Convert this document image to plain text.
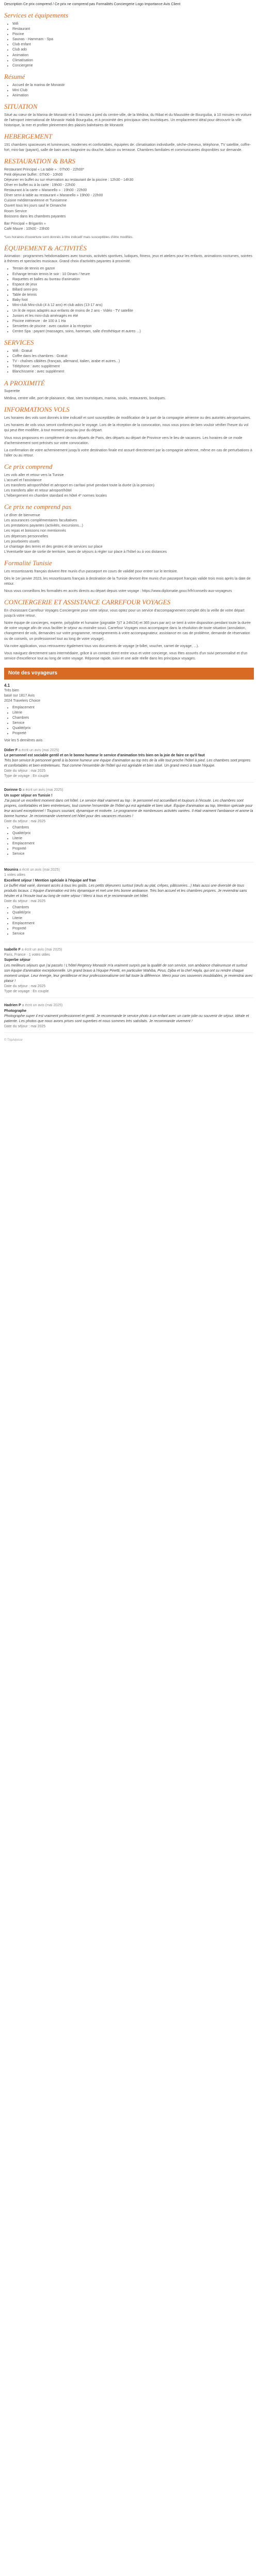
Description Ce prix comprend / Ce prix ne comprend pas Formalités Conciergerie Logo Importance Avis Client
Services et équipements
• Wifi
• Restaurant
• Piscine
• Saunas - Hammam - Spa
• Club enfant
• Club ado
• Animation
• Climatisation
• Conciergerie
Résumé
• Accueil de la marina de Monastir
• Mini Club
• Animation
SITUATION

Situé au cœur de la Marina de Monastir et à 5 minutes à pied du centre-ville, de la Médina, du Ribat et du Mausolée de Bourguiba, à 10 minutes en voiture de l'aéroport international de Monastir Habib Bourguiba, et à proximité des principaux sites touristiques. Un emplacement idéal pour découvrir la ville historique, la mer et profiter pleinement des plaisirs balnéaires de Monastir.

HEBERGEMENT

191 chambres spacieuses et lumineuses, modernes et confortables, équipées de: climatisation individuelle, sèche-cheveux, téléphone, TV satellite, coffre-fort, mini-bar (payant), salle de bain avec baignoire ou douche, balcon ou terrasse. Chambres familiales et communicantes disponibles sur demande.

RESTAURATION & BARS
Restaurant Principal « La table » : 07h00 - 22h00*
Petit déjeuner buffet : 07h00 - 10h00
Déjeuner en buffet ou sur réservation au restaurant de la piscine : 12h30 - 14h30
Dîner en buffet ou à la carte : 19h00 - 22h00
Restaurant à la carte « Maranello » : 19h00 - 22h00
Dîner servi à table au restaurant « Maranello » 19h00 - 22h00
Cuisine méditerranéenne et Tunisienne
Ouvert tous les jours sauf le Dimanche
Room Service
Boissons dans les chambres payantes

Bar Principal « Brigantin »
Café Maure : 10h00 - 23h00

*Les horaires d'ouverture sont donnés à titre indicatif mais susceptibles d'être modifiés.

ÉQUIPEMENT & ACTIVITÉS

Animation : programmes hebdomadaires avec tournois, activités sportives, ludiques, fitness, jeux et ateliers pour les enfants, animations nocturnes, soirées à thèmes et spectacles musicaux. Grand choix d'activités payantes à proximité.

• Terrain de tennis en gazon
• Echange terrain tennis le soir : 10 Dinars / heure
• Raquettes et balles au bureau d'animation
• Espace de jeux
• Billard semi-pro
• Table de tennis
• Baby foot
• Mini-club Mini-club (4 à 12 ans) et club ados (13-17 ans)
• Un lit de repos adaptés aux enfants de moins de 2 ans - Vidéo - TV satellite
• Juniors et les mini-club aménagés en été
• Piscine intérieure : de 100 à 1 Ha
• Serviettes de piscine : avec caution à la réception
• Centre Spa : payant (massages, soins, hammam, salle d'esthétique et autres ...)
SERVICES
• Wifi : Gratuit
• Coffre dans les chambres : Gratuit
• TV - chaînes câblées (français, allemand, italien, arabe et autres...)
• Téléphone : avec supplément
• Blanchisserie : avec supplément
A PROXIMITÉ

Superette

Médina, centre ville, port de plaisance, ribat, sites touristiques, marina, souks, restaurants, boutiques.

INFORMATIONS VOLS

Les horaires des vols sont donnés à titre indicatif et sont susceptibles de modification de la part de la compagnie aérienne ou des autorités aéroportuaires.

Les horaires de vols vous seront confirmés pour le voyage. Lors de la réception de la convocation, nous vous prions de bien vouloir vérifier l'heure du vol qui peut être modifiée, à tout moment jusqu'au jour du départ.

Vous nous proposons en complément de nos départs de Paris, des départs au départ de Province vers le lieu de vacances. Les horaires de ce mode d'acheminement sont précisés sur votre convocation.

La confirmation de votre acheminement jusqu'à votre destination finale est assuré directement par la compagnie aérienne, même en cas de perturbations à l'aller ou au retour.

Ce prix comprend
Les vols aller et retour vers la Tunisie
L'accueil et l'assistance
Les transferts aéroport/hôtel et aéroport en car/taxi privé pendant toute la durée (à la pension)
Les transferts aller et retour aéroport/hôtel
L'hébergement en chambre standard en hôtel 4* normes locales
Ce prix ne comprend pas
Le dîner de bienvenue
Les assurances complémentaires facultatives
Les prestations payantes (activités, excursions...)
Les repas et boissons non mentionnés
Les dépenses personnelles
Les pourboires usuels
Le chantage des terres et des gestes et de services sur place
L'éventuelle taxe de sortie de territoire, taxes de séjours à régler sur place à l'hôtel ou à vos distances
Formalité Tunisie

Les ressortissants français doivent être munis d'un passeport en cours de validité pour entrer sur le territoire.

Dès le 1er janvier 2023, les ressortissants français à destination de la Tunisie devront être munis d'un passeport français valide trois mois après la date de retour.

Nous vous conseillons les formalités en accès directs au départ depuis votre voyage : https://www.diplomatie.gouv.fr/fr/conseils-aux-voyageurs

CONCIERGERIE ET ASSISTANCE CARREFOUR VOYAGES

En choisissant Carrefour Voyages Conciergerie pour votre séjour, vous optez pour un service d'accompagnement complet dès la veille de votre départ jusqu'à votre retour.

Notre équipe de concierges, experte, polyglotte et humaine (joignable 7j/7 à 24h/24) et 365 jours par an) se tient à votre disposition pendant toute la durée de votre voyage afin de vous faciliter le séjour au moindre souci. Carrefour Voyages vous accompagne dans la résolution de toute situation (annulation, changement de vols, demandes sur votre programme, renseignements à votre accompagnateur, assistance en cas de problème, demande de réservation ou de conseils, un professionnel tout au long de votre voyage).

Via notre application, vous retrouverez également tous vos documents de voyage (e-billet, voucher, carnet de voyage, ...).

Vous naviguez directement sans intermédiaire, grâce à un contact direct entre vous et votre concierge, vous êtes assurés d'un suivi personnalisé et d'un service d'excellence tout au long de votre voyage. Réponse rapide, suivi et une aide réelle dans les principaux voyages.

Note des voyageurs
4.1
Très bien
basé sur 1817 Avis
2024 Travelers Choice
• Emplacement
• Literie
• Chambres
• Service
• Qualité/prix
• Propreté
Voir les 5 dernières avis
Didier F a écrit un avis (mai 2025)
Le personnel est sociable gentil et on le bonne humeur le service d'animation très bien on la joie de faire ce qu'il faut
Très bon service le personnel gentil à la bonne humeur une équipe d'animation au top très de la ville tout proche l'hôtel à pied. Les chambres sont propres et confortables et bien entretenues. Tout comme l'ensemble de l'hôtel qui est agréable et bien situé. Un grand merci à toute l'équipe.
Date du séjour : mai 2025
Type de voyage : En couple
Dorinne G a écrit un avis (mai 2025)
Un super séjour en Tunisie !
J'ai passé un excellent moment dans cet hôtel. Le service était vraiment au top : le personnel est accueillant et toujours à l'écoute. Les chambres sont propres, confortables et bien entretenues, tout comme l'ensemble de l'hôtel qui est agréable et bien situé. Équipe d'animation au top, Mention spéciale pour leur accueil exceptionnel ! Toujours souriant, dynamique et motivée. Le programme de nombreuses activités variées. Il était vraiment l'ambiance et anime la bonne humeur. Je recommande vivement cet hôtel pour des vacances réussies !
Date du séjour : mai 2025
• Chambres
• Qualité/prix
• Literie
• Emplacement
• Propreté
• Service
Mounira a écrit un avis (mai 2025)
1 votes utiles
Excellent séjour ! Mention spéciale à l'équipe anf fran
Le buffet était varié, donnant accès à tous les goûts. Les petits déjeuners surtout (œufs au plat, crêpes, pâtisseries...) Mais aussi une diversité de tous produits locaux. L'équipe d'animation est très dynamique et met une très bonne ambiance. Très bon accueil et les chambres propres. Je reviendrai sans hésiter et à l'écoute tout au long de notre séjour ! Merci à tous et je recommande cet hôtel.
Date du séjour : mai 2025
• Chambres
• Qualité/prix
• Literie
• Emplacement
• Propreté
• Service
Isabelle F a écrit un avis (mai 2025)
Paris, France · 1 votes utiles
Superbe séjour
Les meilleurs séjours que j'ai passés ! L'hôtel Regency Monastir m'a vraiment surpris par la qualité de son service, son ambiance chaleureuse et surtout son équipe d'animation exceptionnelle. Un grand bravo à l'équipe Pinetti, en particulier Wahiba, Pirus, Djiba et la chef Hayla, qui ont su rendre chaque moment unique. Leur énergie, leur gentillesse et leur professionnalisme ont fait toute la différence. Merci pour ces souvenirs inoubliables, je reviendrai avec plaisir !
Date du séjour : mai 2025
Type de voyage : En couple
Hadrien P a écrit un avis (mai 2025)
Photographe
Photographe super il est vraiment professionnel et gentil. Je recommande le service photo à un enfant avec un carte jolie ou souvenir de séjour. Idéale et patiente. Les photos que nous avons prises sont superbes et nous sommes très satisfaits. Je recommande vivement !
Date du séjour : mai 2025
© TripAdvisor
